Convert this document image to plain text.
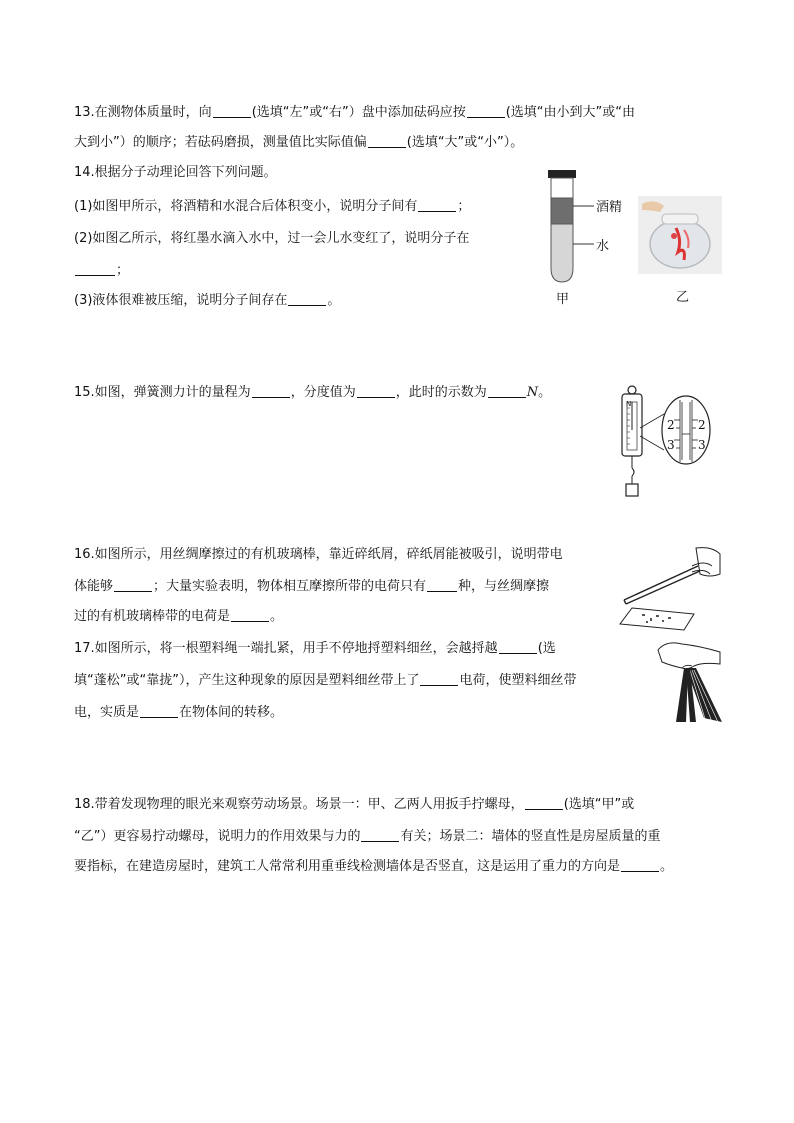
13.在测物体质量时，向	(选填“左”或“右”）盘中添加砝码应按	(选填“由小到大”或“由
大到小”）的顺序；若砝码磨损，测量值比实际值偏	(选填“大”或“小”）。
14.根据分子动理论回答下列问题。
(1)如图甲所示，将酒精和水混合后体积变小，说明分子间有	；
(2)如图乙所示，将红墨水滴入水中，过一会儿水变红了，说明分子在
；
(3)液体很难被压缩，说明分子间存在	。
酒精
水
甲	乙
15.如图，弹簧测力计的量程为	，分度值为	，此时的示数为	N。
N
2 2
3 3
16.如图所示，用丝绸摩擦过的有机玻璃棒，靠近碎纸屑，碎纸屑能被吸引，说明带电
体能够	；大量实验表明，物体相互摩擦所带的电荷只有 种，与丝绸摩擦
过的有机玻璃棒带的电荷是	。
17.如图所示，将一根塑料绳一端扎紧，用手不停地捋塑料细丝，会越捋越	(选
填“蓬松”或“靠拢”），产生这种现象的原因是塑料细丝带上了	电荷，使塑料细丝带
电，实质是	在物体间的转移。
18.带着发现物理的眼光来观察劳动场景。场景一：甲、乙两人用扳手拧螺母，	(选填“甲”或
“乙”）更容易拧动螺母，说明力的作用效果与力的	有关；场景二：墙体的竖直性是房屋质量的重
要指标，在建造房屋时，建筑工人常常利用重垂线检测墙体是否竖直，这是运用了重力的方向是	。
